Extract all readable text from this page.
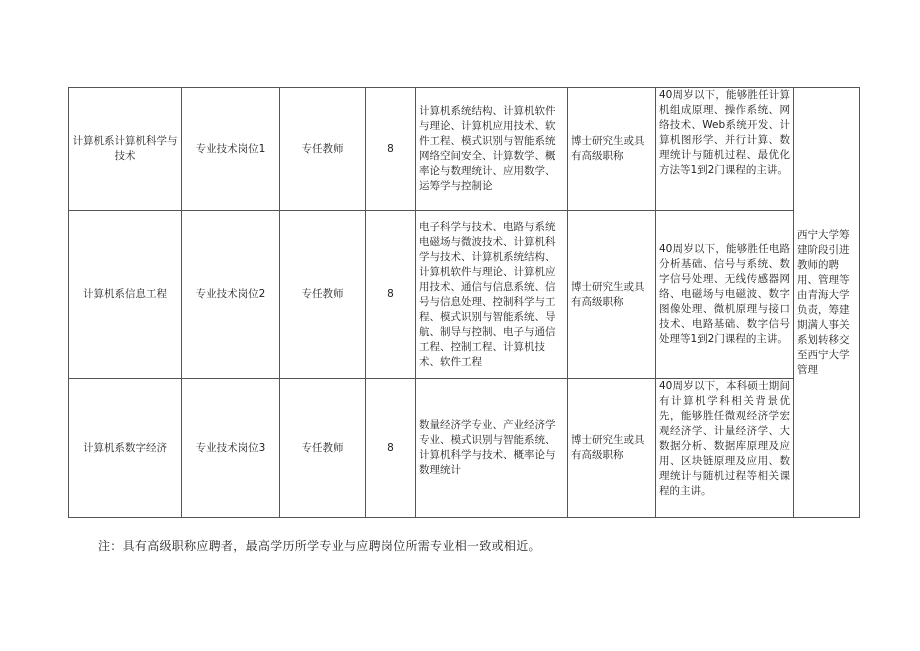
计算机系计算机科学与技术	专业技术岗位1	专任教师	8	计算机系统结构、计算机软件与理论、计算机应用技术、软件工程、模式识别与智能系统网络空间安全、计算数学、概率论与数理统计、应用数学、运筹学与控制论	博士研究生或具有高级职称	40周岁以下，能够胜任计算机组成原理、操作系统、网络技术、Web系统开发、计算机图形学、并行计算、数理统计与随机过程、最优化方法等1到2门课程的主讲。	西宁大学筹建阶段引进教师的聘用、管理等由青海大学负责，筹建期满人事关系划转移交至西宁大学管理
计算机系信息工程	专业技术岗位2	专任教师	8	电子科学与技术、电路与系统电磁场与微波技术、计算机科学与技术、计算机系统结构、计算机软件与理论、计算机应用技术、通信与信息系统、信号与信息处理、控制科学与工程、模式识别与智能系统、导航、制导与控制、电子与通信工程、控制工程、计算机技术、软件工程	博士研究生或具有高级职称	40周岁以下，能够胜任电路分析基础、信号与系统、数字信号处理、无线传感器网络、电磁场与电磁波、数字图像处理、微机原理与接口技术、电路基础、数字信号处理等1到2门课程的主讲。	
计算机系数字经济	专业技术岗位3	专任教师	8	数量经济学专业、产业经济学专业、模式识别与智能系统、计算机科学与技术、概率论与数理统计	博士研究生或具有高级职称	40周岁以下，本科硕士期间有计算机学科相关背景优先，能够胜任微观经济学宏观经济学、计量经济学、大数据分析、数据库原理及应用、区块链原理及应用、数理统计与随机过程等相关课程的主讲。	
注：具有高级职称应聘者，最高学历所学专业与应聘岗位所需专业相一致或相近。
